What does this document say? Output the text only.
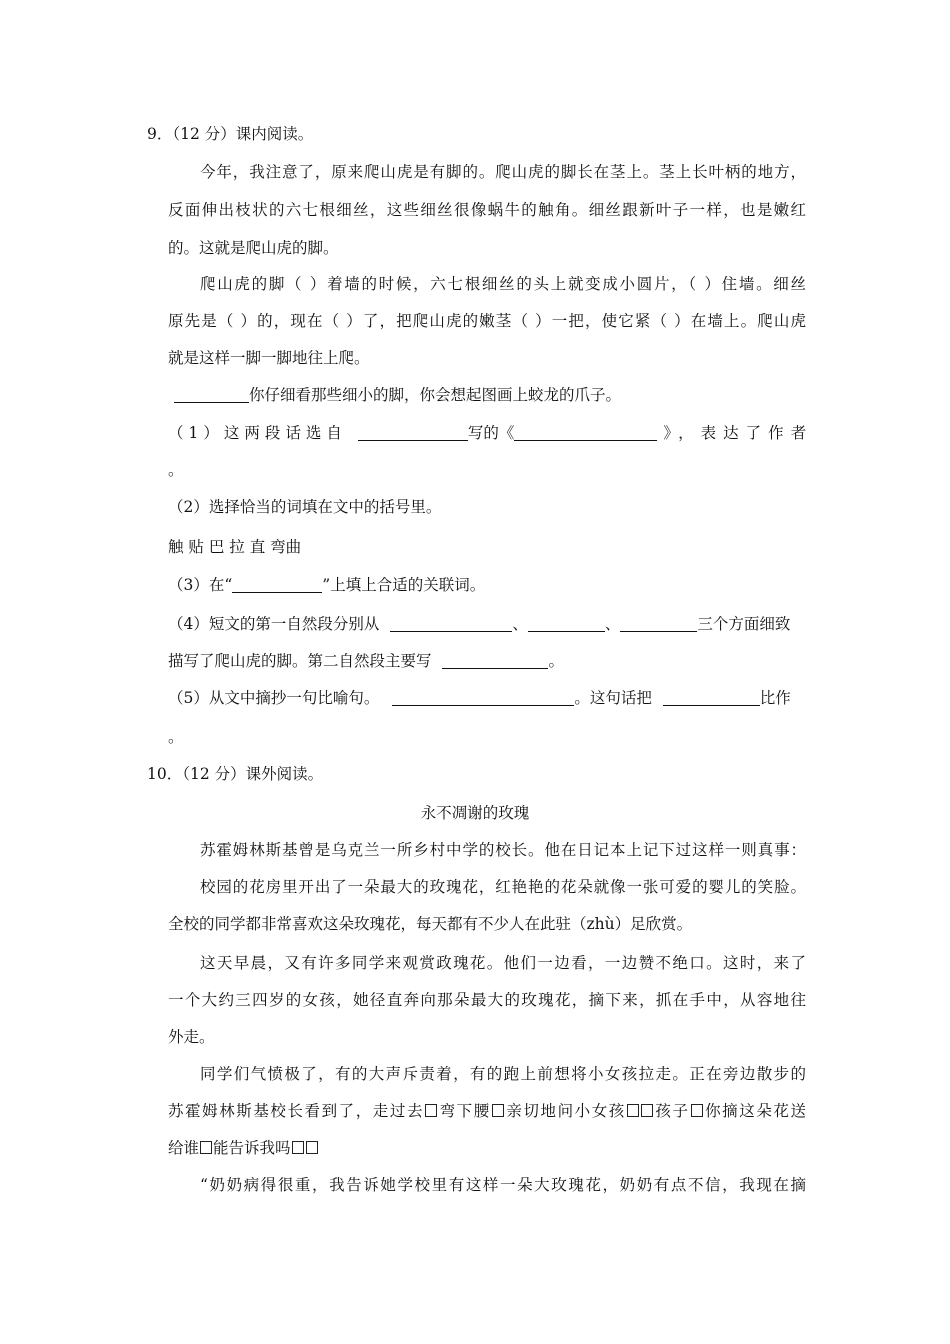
9．（12 分）课内阅读。
今年，我注意了，原来爬山虎是有脚的。爬山虎的脚长在茎上。茎上长叶柄的地方，
反面伸出枝状的六七根细丝，这些细丝很像蜗牛的触角。细丝跟新叶子一样，也是嫩红
的。这就是爬山虎的脚。
爬山虎的脚（ ）着墙的时候，六七根细丝的头上就变成小圆片，（ ）住墙。细丝
原先是（ ）的，现在（ ）了，把爬山虎的嫩茎（ ）一把，使它紧（ ）在墙上。爬山虎
就是这样一脚一脚地往上爬。
你仔细看那些细小的脚，你会想起图画上蛟龙的爪子。
（1）这两段话选自	写的《	》，表达了作者
。
（2）选择恰当的词填在文中的括号里。
触 贴 巴 拉 直 弯曲
（3）在“	”上填上合适的关联词。
（4）短文的第一自然段分别从	、	、	三个方面细致
描写了爬山虎的脚。第二自然段主要写	。
（5）从文中摘抄一句比喻句。	。这句话把	比作
。
10．（12 分）课外阅读。
永不凋谢的玫瑰
苏霍姆林斯基曾是乌克兰一所乡村中学的校长。他在日记本上记下过这样一则真事：
校园的花房里开出了一朵最大的玫瑰花，红艳艳的花朵就像一张可爱的婴儿的笑脸。
全校的同学都非常喜欢这朵玫瑰花，每天都有不少人在此驻（zhù）足欣赏。
这天早晨，又有许多同学来观赏政瑰花。他们一边看，一边赞不绝口。这时，来了
一个大约三四岁的女孩，她径直奔向那朵最大的玫瑰花，摘下来，抓在手中，从容地往
外走。
同学们气愤极了，有的大声斥责着，有的跑上前想将小女孩拉走。正在旁边散步的
苏霍姆林斯基校长看到了，走过去 弯下腰 亲切地问小女孩 孩子 你摘这朵花送
给谁 能告诉我吗
“奶奶病得很重，我告诉她学校里有这样一朵大玫瑰花，奶奶有点不信，我现在摘
